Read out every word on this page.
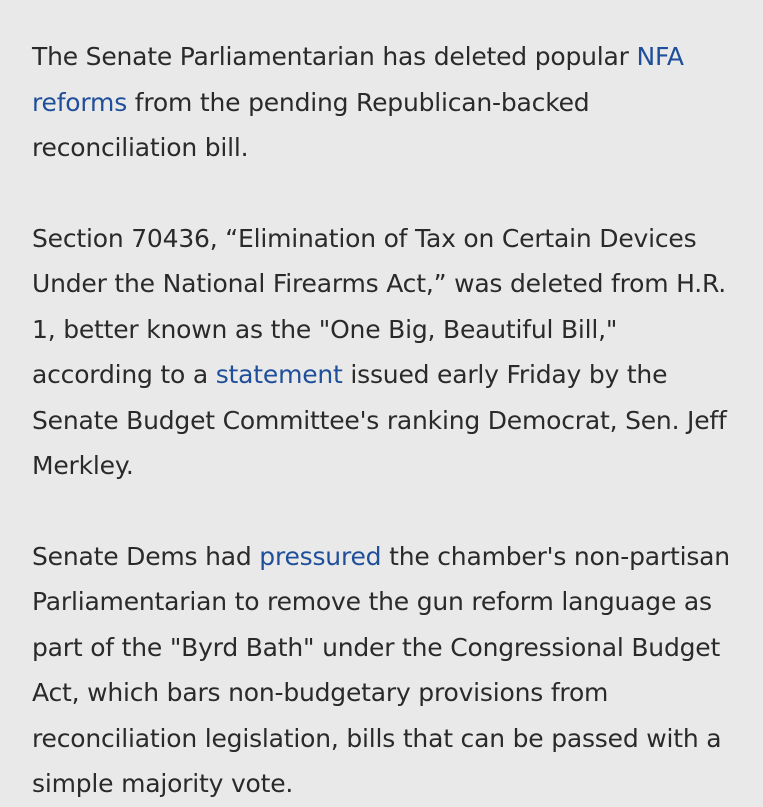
The Senate Parliamentarian has deleted popular NFA reforms from the pending Republican-backed reconciliation bill.

Section 70436, “Elimination of Tax on Certain Devices Under the National Firearms Act,” was deleted from H.R. 1, better known as the "One Big, Beautiful Bill," according to a statement issued early Friday by the Senate Budget Committee's ranking Democrat, Sen. Jeff Merkley.

Senate Dems had pressured the chamber's non-partisan Parliamentarian to remove the gun reform language as part of the "Byrd Bath" under the Congressional Budget Act, which bars non-budgetary provisions from reconciliation legislation, bills that can be passed with a simple majority vote.
